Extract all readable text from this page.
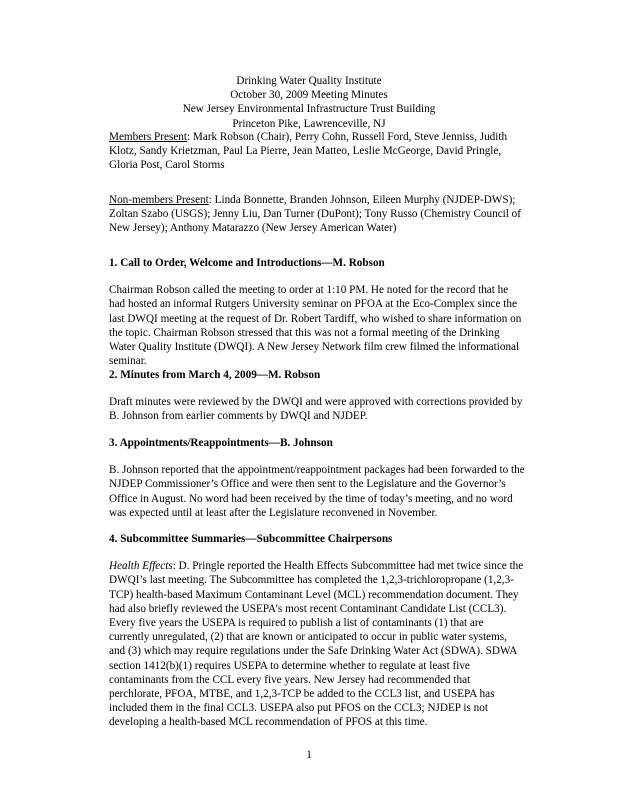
Drinking Water Quality Institute
October 30, 2009 Meeting Minutes
New Jersey Environmental Infrastructure Trust Building
Princeton Pike, Lawrenceville, NJ

Members Present: Mark Robson (Chair), Perry Cohn, Russell Ford, Steve Jenniss, Judith Klotz, Sandy Krietzman, Paul La Pierre, Jean Matteo, Leslie McGeorge, David Pringle, Gloria Post, Carol Storms

Non-members Present: Linda Bonnette, Branden Johnson, Eileen Murphy (NJDEP-DWS); Zoltan Szabo (USGS); Jenny Liu, Dan Turner (DuPont); Tony Russo (Chemistry Council of New Jersey); Anthony Matarazzo (New Jersey American Water)

1. Call to Order, Welcome and Introductions—M. Robson

Chairman Robson called the meeting to order at 1:10 PM. He noted for the record that he had hosted an informal Rutgers University seminar on PFOA at the Eco-Complex since the last DWQI meeting at the request of Dr. Robert Tardiff, who wished to share information on the topic. Chairman Robson stressed that this was not a formal meeting of the Drinking Water Quality Institute (DWQI). A New Jersey Network film crew filmed the informational seminar.

2. Minutes from March 4, 2009—M. Robson

Draft minutes were reviewed by the DWQI and were approved with corrections provided by B. Johnson from earlier comments by DWQI and NJDEP.

3. Appointments/Reappointments—B. Johnson

B. Johnson reported that the appointment/reappointment packages had been forwarded to the NJDEP Commissioner’s Office and were then sent to the Legislature and the Governor’s Office in August. No word had been received by the time of today’s meeting, and no word was expected until at least after the Legislature reconvened in November.

4. Subcommittee Summaries—Subcommittee Chairpersons

Health Effects: D. Pringle reported the Health Effects Subcommittee had met twice since the DWQI’s last meeting. The Subcommittee has completed the 1,2,3-trichloropropane (1,2,3-TCP) health-based Maximum Contaminant Level (MCL) recommendation document. They had also briefly reviewed the USEPA’s most recent Contaminant Candidate List (CCL3). Every five years the USEPA is required to publish a list of contaminants (1) that are currently unregulated, (2) that are known or anticipated to occur in public water systems, and (3) which may require regulations under the Safe Drinking Water Act (SDWA). SDWA section 1412(b)(1) requires USEPA to determine whether to regulate at least five contaminants from the CCL every five years. New Jersey had recommended that perchlorate, PFOA, MTBE, and 1,2,3-TCP be added to the CCL3 list, and USEPA has included them in the final CCL3. USEPA also put PFOS on the CCL3; NJDEP is not developing a health-based MCL recommendation of PFOS at this time.

1
